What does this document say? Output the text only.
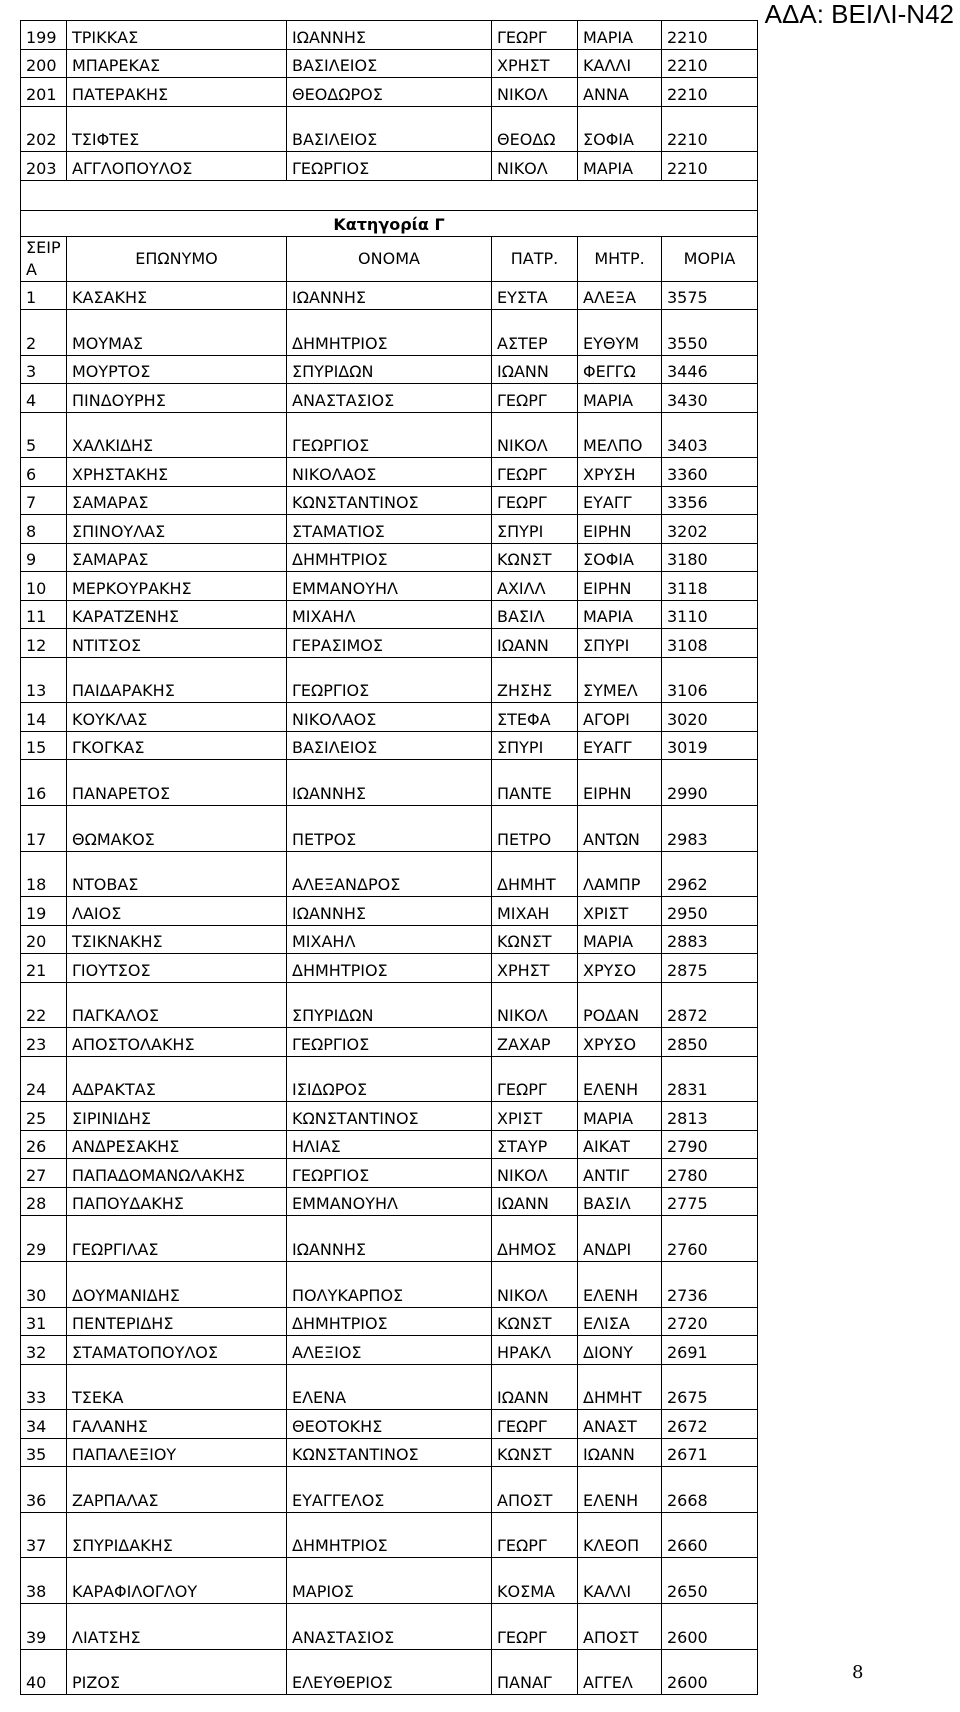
ΑΔΑ: ΒΕΙΛΙ-Ν42
199	ΤΡΙΚΚΑΣ	ΙΩΑΝΝΗΣ	ΓΕΩΡΓ	ΜΑΡΙΑ	2210
200	ΜΠΑΡΕΚΑΣ	ΒΑΣΙΛΕΙΟΣ	ΧΡΗΣΤ	ΚΑΛΛΙ	2210
201	ΠΑΤΕΡΑΚΗΣ	ΘΕΟΔΩΡΟΣ	ΝΙΚΟΛ	ΑΝΝΑ	2210
202	ΤΣΙΦΤΕΣ	ΒΑΣΙΛΕΙΟΣ	ΘΕΟΔΩ	ΣΟΦΙΑ	2210
203	ΑΓΓΛΟΠΟΥΛΟΣ	ΓΕΩΡΓΙΟΣ	ΝΙΚΟΛ	ΜΑΡΙΑ	2210

Κατηγορία Γ					
ΣΕΙΡΑ	ΕΠΩΝΥΜΟ	ΟΝΟΜΑ	ΠΑΤΡ.	ΜΗΤΡ.	ΜΟΡΙΑ
1	ΚΑΣΑΚΗΣ	ΙΩΑΝΝΗΣ	ΕΥΣΤΑ	ΑΛΕΞΑ	3575
2	ΜΟΥΜΑΣ	ΔΗΜΗΤΡΙΟΣ	ΑΣΤΕΡ	ΕΥΘΥΜ	3550
3	ΜΟΥΡΤΟΣ	ΣΠΥΡΙΔΩΝ	ΙΩΑΝΝ	ΦΕΓΓΩ	3446
4	ΠΙΝΔΟΥΡΗΣ	ΑΝΑΣΤΑΣΙΟΣ	ΓΕΩΡΓ	ΜΑΡΙΑ	3430
5	ΧΑΛΚΙΔΗΣ	ΓΕΩΡΓΙΟΣ	ΝΙΚΟΛ	ΜΕΛΠΟ	3403
6	ΧΡΗΣΤΑΚΗΣ	ΝΙΚΟΛΑΟΣ	ΓΕΩΡΓ	ΧΡΥΣΗ	3360
7	ΣΑΜΑΡΑΣ	ΚΩΝΣΤΑΝΤΙΝΟΣ	ΓΕΩΡΓ	ΕΥΑΓΓ	3356
8	ΣΠΙΝΟΥΛΑΣ	ΣΤΑΜΑΤΙΟΣ	ΣΠΥΡΙ	ΕΙΡΗΝ	3202
9	ΣΑΜΑΡΑΣ	ΔΗΜΗΤΡΙΟΣ	ΚΩΝΣΤ	ΣΟΦΙΑ	3180
10	ΜΕΡΚΟΥΡΑΚΗΣ	ΕΜΜΑΝΟΥΗΛ	ΑΧΙΛΛ	ΕΙΡΗΝ	3118
11	ΚΑΡΑΤΖΕΝΗΣ	ΜΙΧΑΗΛ	ΒΑΣΙΛ	ΜΑΡΙΑ	3110
12	ΝΤΙΤΣΟΣ	ΓΕΡΑΣΙΜΟΣ	ΙΩΑΝΝ	ΣΠΥΡΙ	3108
13	ΠΑΙΔΑΡΑΚΗΣ	ΓΕΩΡΓΙΟΣ	ΖΗΣΗΣ	ΣΥΜΕΛ	3106
14	ΚΟΥΚΛΑΣ	ΝΙΚΟΛΑΟΣ	ΣΤΕΦΑ	ΑΓΟΡΙ	3020
15	ΓΚΟΓΚΑΣ	ΒΑΣΙΛΕΙΟΣ	ΣΠΥΡΙ	ΕΥΑΓΓ	3019
16	ΠΑΝΑΡΕΤΟΣ	ΙΩΑΝΝΗΣ	ΠΑΝΤΕ	ΕΙΡΗΝ	2990
17	ΘΩΜΑΚΟΣ	ΠΕΤΡΟΣ	ΠΕΤΡΟ	ΑΝΤΩΝ	2983
18	ΝΤΟΒΑΣ	ΑΛΕΞΑΝΔΡΟΣ	ΔΗΜΗΤ	ΛΑΜΠΡ	2962
19	ΛΑΙΟΣ	ΙΩΑΝΝΗΣ	ΜΙΧΑΗ	ΧΡΙΣΤ	2950
20	ΤΣΙΚΝΑΚΗΣ	ΜΙΧΑΗΛ	ΚΩΝΣΤ	ΜΑΡΙΑ	2883
21	ΓΙΟΥΤΣΟΣ	ΔΗΜΗΤΡΙΟΣ	ΧΡΗΣΤ	ΧΡΥΣΟ	2875
22	ΠΑΓΚΑΛΟΣ	ΣΠΥΡΙΔΩΝ	ΝΙΚΟΛ	ΡΟΔΑΝ	2872
23	ΑΠΟΣΤΟΛΑΚΗΣ	ΓΕΩΡΓΙΟΣ	ΖΑΧΑΡ	ΧΡΥΣΟ	2850
24	ΑΔΡΑΚΤΑΣ	ΙΣΙΔΩΡΟΣ	ΓΕΩΡΓ	ΕΛΕΝΗ	2831
25	ΣΙΡΙΝΙΔΗΣ	ΚΩΝΣΤΑΝΤΙΝΟΣ	ΧΡΙΣΤ	ΜΑΡΙΑ	2813
26	ΑΝΔΡΕΣΑΚΗΣ	ΗΛΙΑΣ	ΣΤΑΥΡ	ΑΙΚΑΤ	2790
27	ΠΑΠΑΔΟΜΑΝΩΛΑΚΗΣ	ΓΕΩΡΓΙΟΣ	ΝΙΚΟΛ	ΑΝΤΙΓ	2780
28	ΠΑΠΟΥΔΑΚΗΣ	ΕΜΜΑΝΟΥΗΛ	ΙΩΑΝΝ	ΒΑΣΙΛ	2775
29	ΓΕΩΡΓΙΛΑΣ	ΙΩΑΝΝΗΣ	ΔΗΜΟΣ	ΑΝΔΡΙ	2760
30	ΔΟΥΜΑΝΙΔΗΣ	ΠΟΛΥΚΑΡΠΟΣ	ΝΙΚΟΛ	ΕΛΕΝΗ	2736
31	ΠΕΝΤΕΡΙΔΗΣ	ΔΗΜΗΤΡΙΟΣ	ΚΩΝΣΤ	ΕΛΙΣΑ	2720
32	ΣΤΑΜΑΤΟΠΟΥΛΟΣ	ΑΛΕΞΙΟΣ	ΗΡΑΚΛ	ΔΙΟΝΥ	2691
33	ΤΣΕΚΑ	ΕΛΕΝΑ	ΙΩΑΝΝ	ΔΗΜΗΤ	2675
34	ΓΑΛΑΝΗΣ	ΘΕΟΤΟΚΗΣ	ΓΕΩΡΓ	ΑΝΑΣΤ	2672
35	ΠΑΠΑΛΕΞΙΟΥ	ΚΩΝΣΤΑΝΤΙΝΟΣ	ΚΩΝΣΤ	ΙΩΑΝΝ	2671
36	ΖΑΡΠΑΛΑΣ	ΕΥΑΓΓΕΛΟΣ	ΑΠΟΣΤ	ΕΛΕΝΗ	2668
37	ΣΠΥΡΙΔΑΚΗΣ	ΔΗΜΗΤΡΙΟΣ	ΓΕΩΡΓ	ΚΛΕΟΠ	2660
38	ΚΑΡΑΦΙΛΟΓΛΟΥ	ΜΑΡΙΟΣ	ΚΟΣΜΑ	ΚΑΛΛΙ	2650
39	ΛΙΑΤΣΗΣ	ΑΝΑΣΤΑΣΙΟΣ	ΓΕΩΡΓ	ΑΠΟΣΤ	2600
40	ΡΙΖΟΣ	ΕΛΕΥΘΕΡΙΟΣ	ΠΑΝΑΓ	ΑΓΓΕΛ	2600	8
